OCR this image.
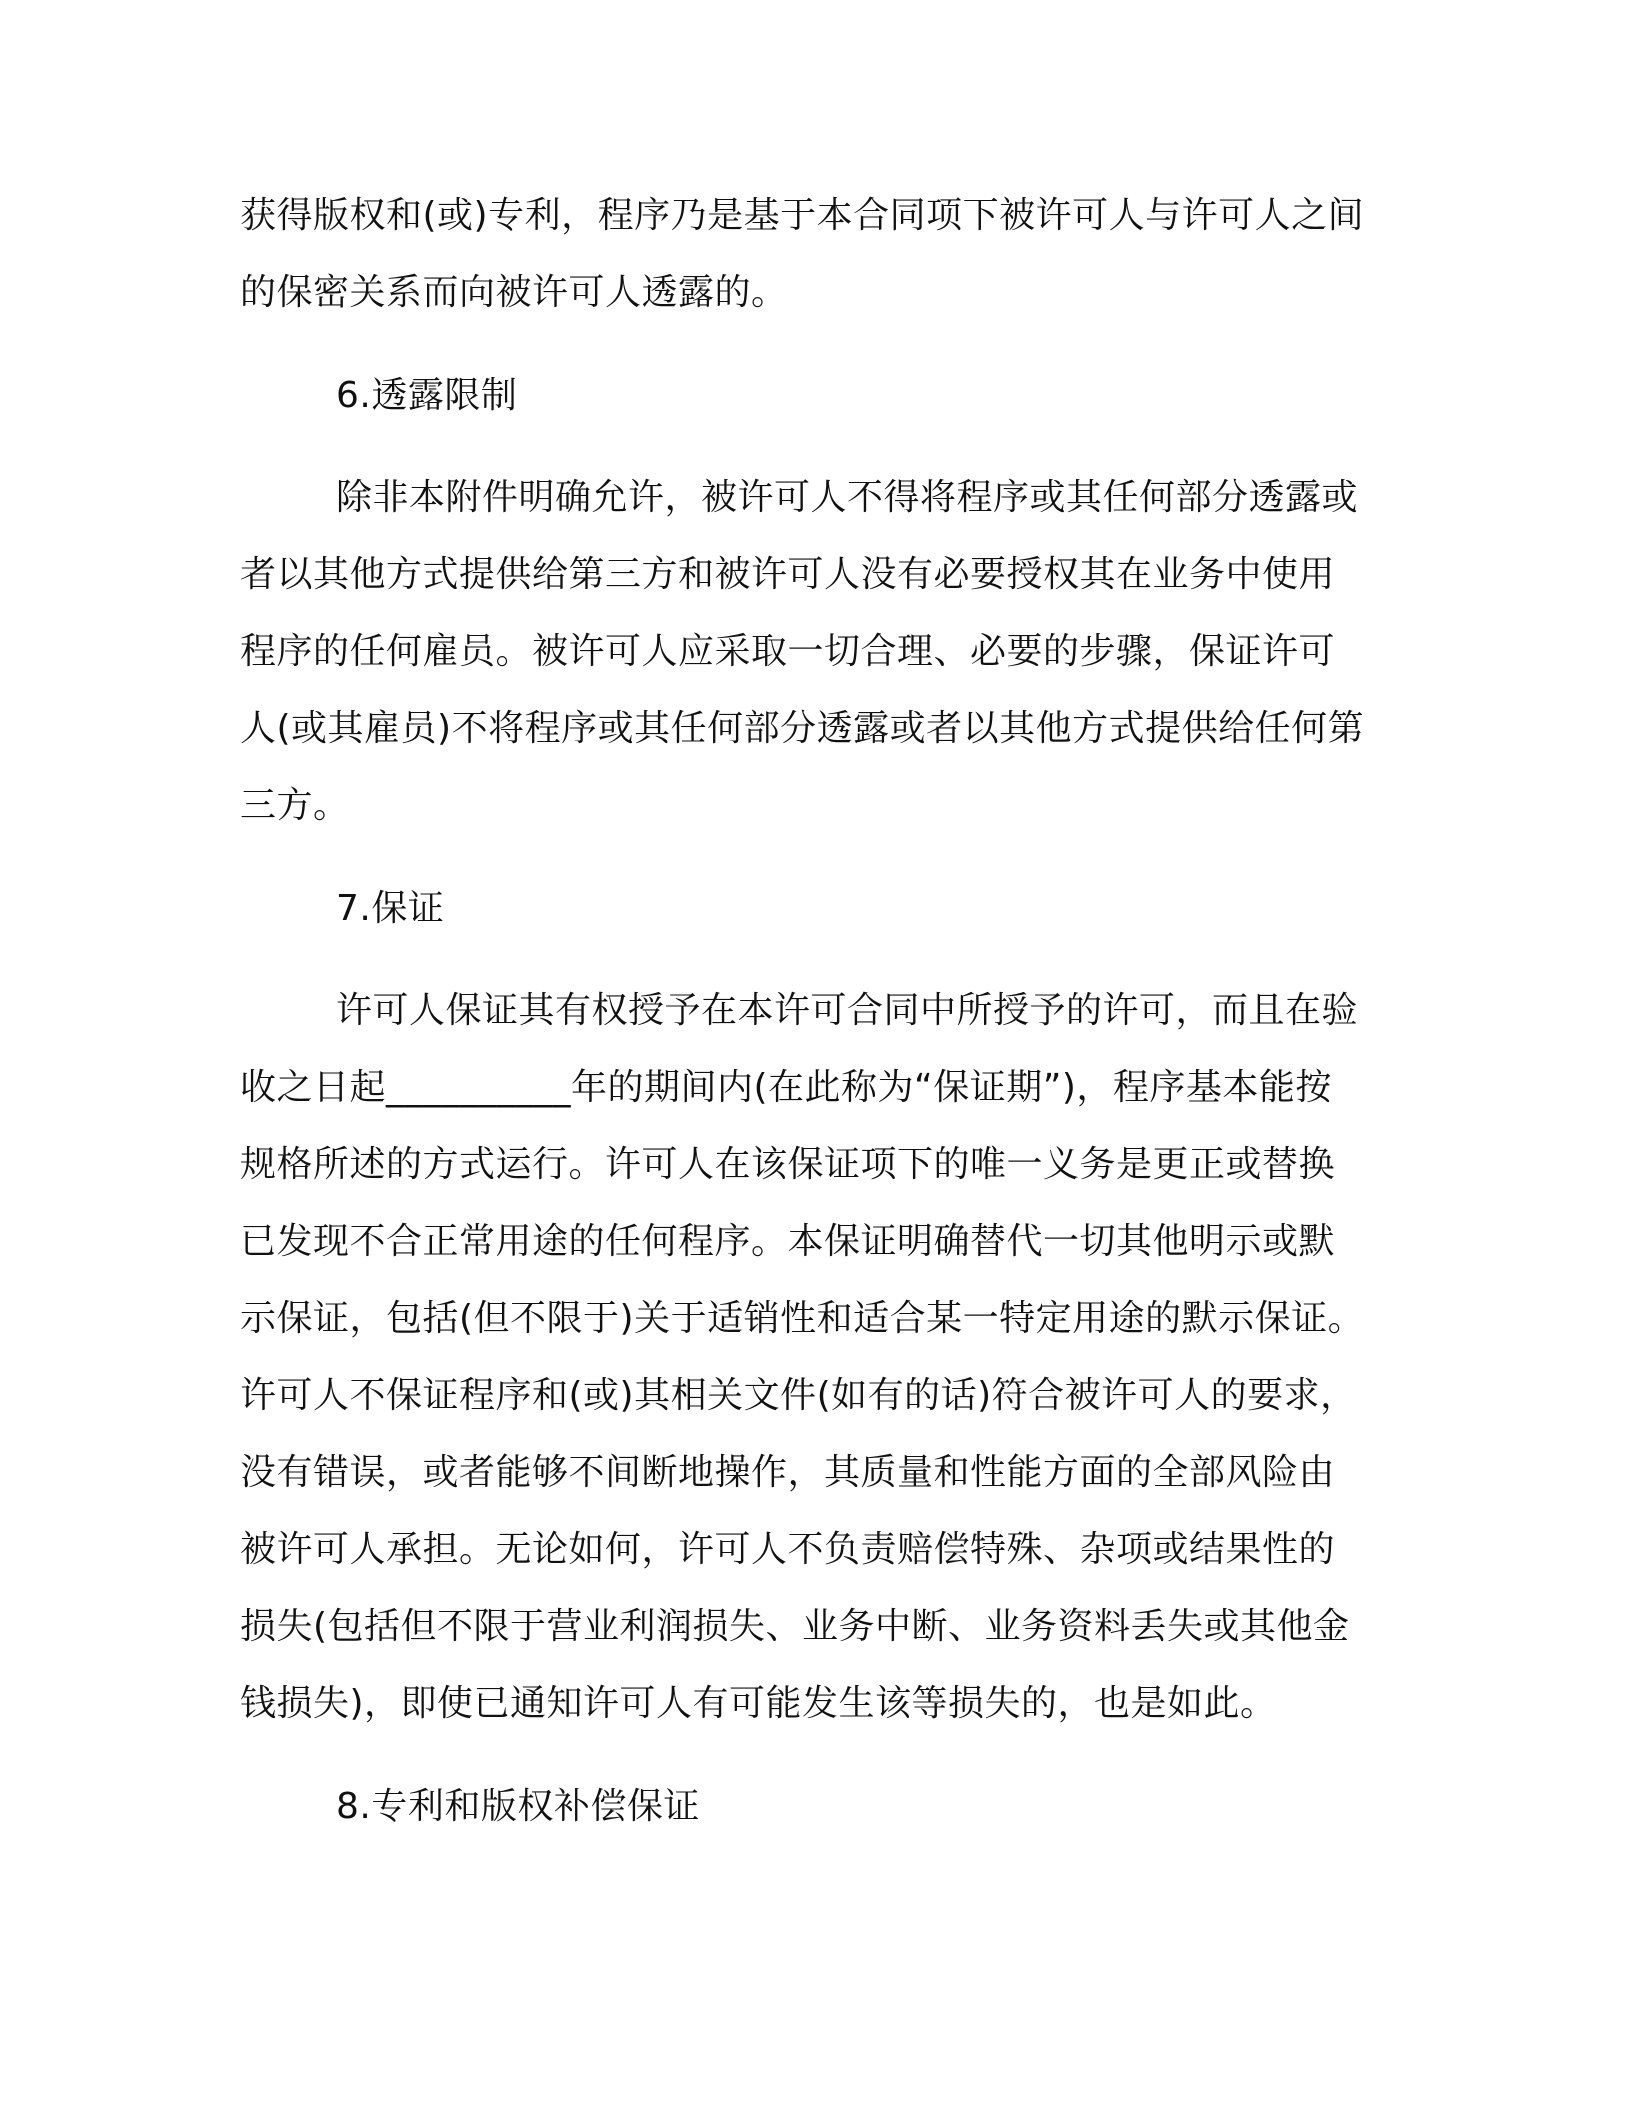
获得版权和(或)专利，程序乃是基于本合同项下被许可人与许可人之间
的保密关系而向被许可人透露的。
6.透露限制
除非本附件明确允许，被许可人不得将程序或其任何部分透露或
者以其他方式提供给第三方和被许可人没有必要授权其在业务中使用
程序的任何雇员。被许可人应采取一切合理、必要的步骤，保证许可
人(或其雇员)不将程序或其任何部分透露或者以其他方式提供给任何第
三方。
7.保证
许可人保证其有权授予在本许可合同中所授予的许可，而且在验
收之日起__________年的期间内(在此称为“保证期”)，程序基本能按
规格所述的方式运行。许可人在该保证项下的唯一义务是更正或替换
已发现不合正常用途的任何程序。本保证明确替代一切其他明示或默
示保证，包括(但不限于)关于适销性和适合某一特定用途的默示保证。
许可人不保证程序和(或)其相关文件(如有的话)符合被许可人的要求，
没有错误，或者能够不间断地操作，其质量和性能方面的全部风险由
被许可人承担。无论如何，许可人不负责赔偿特殊、杂项或结果性的
损失(包括但不限于营业利润损失、业务中断、业务资料丢失或其他金
钱损失)，即使已通知许可人有可能发生该等损失的，也是如此。
8.专利和版权补偿保证
